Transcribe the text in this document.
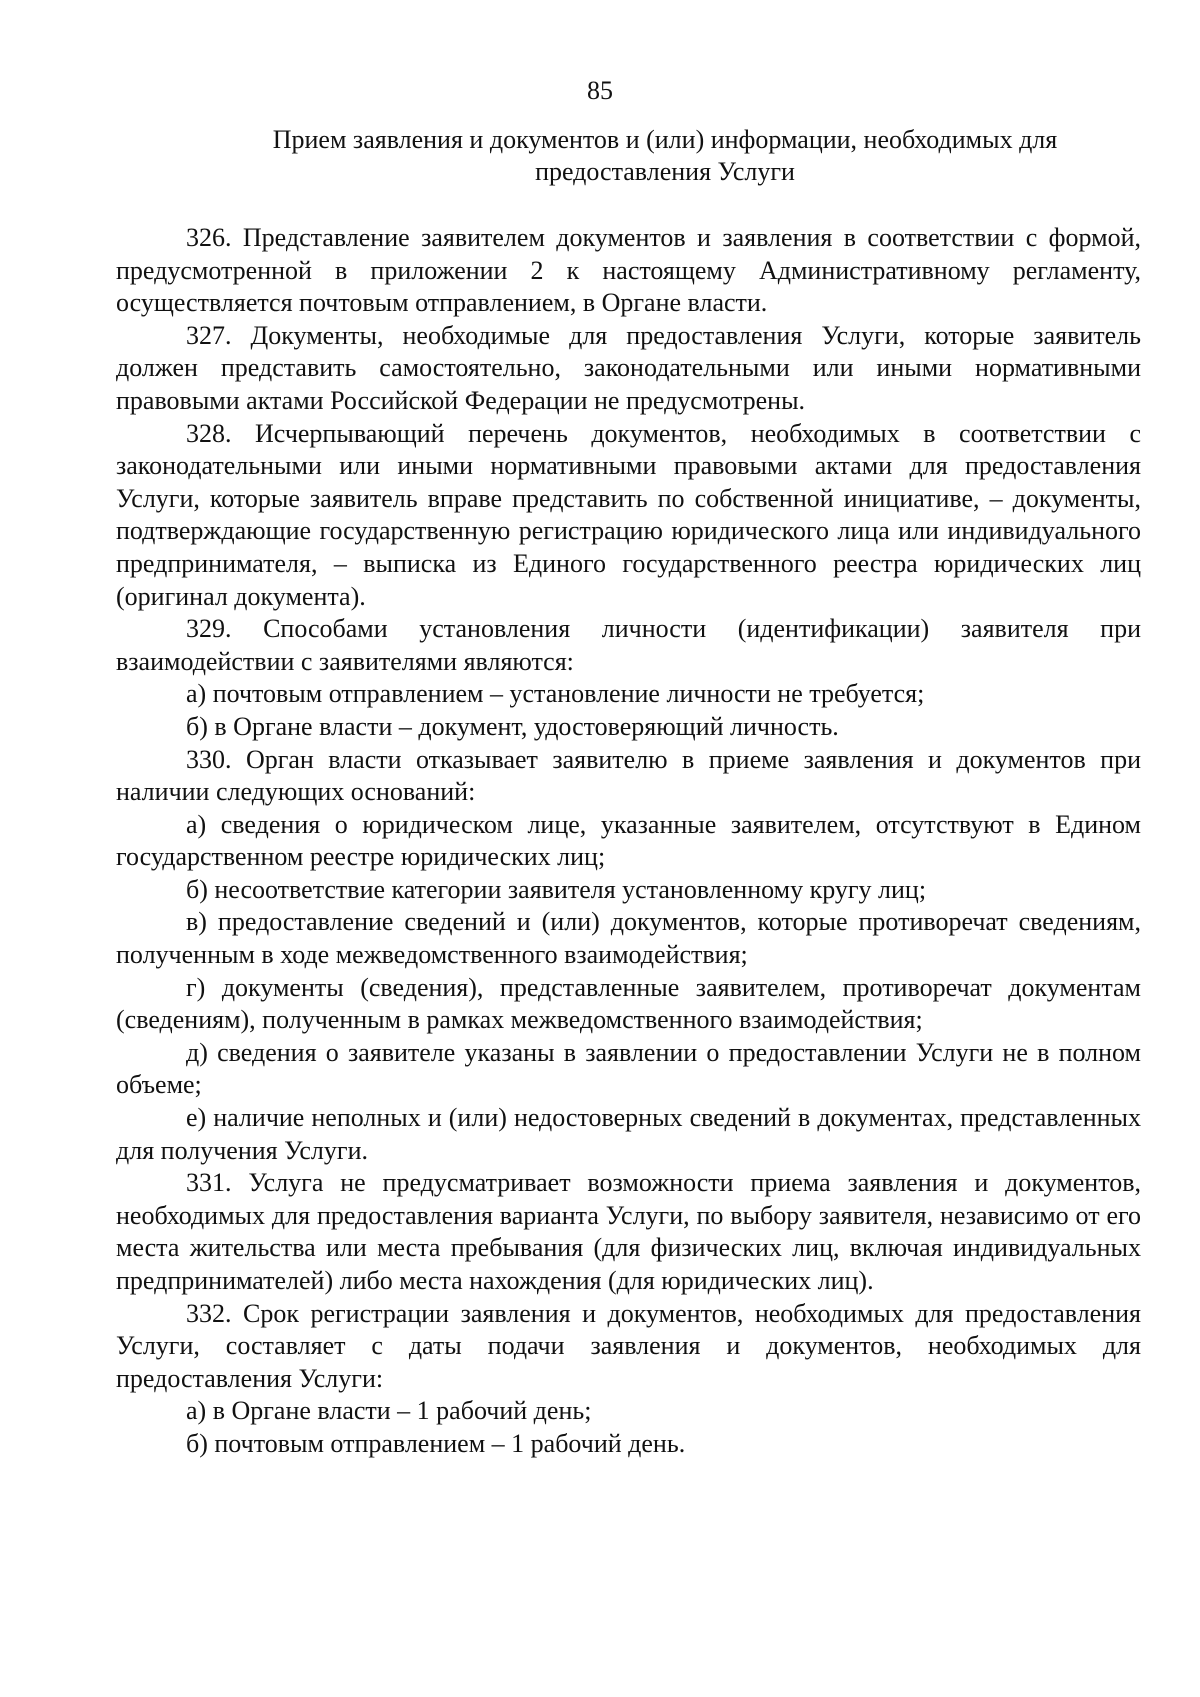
85
Прием заявления и документов и (или) информации, необходимых для предоставления Услуги

326. Представление заявителем документов и заявления в соответствии с формой, предусмотренной в приложении 2 к настоящему Административному регламенту, осуществляется почтовым отправлением, в Органе власти.

327. Документы, необходимые для предоставления Услуги, которые заявитель должен представить самостоятельно, законодательными или иными нормативными правовыми актами Российской Федерации не предусмотрены.

328. Исчерпывающий перечень документов, необходимых в соответствии с законодательными или иными нормативными правовыми актами для предоставления Услуги, которые заявитель вправе представить по собственной инициативе, – документы, подтверждающие государственную регистрацию юридического лица или индивидуального предпринимателя, – выписка из Единого государственного реестра юридических лиц (оригинал документа).

329. Способами установления личности (идентификации) заявителя при взаимодействии с заявителями являются:

а) почтовым отправлением – установление личности не требуется;

б) в Органе власти – документ, удостоверяющий личность.

330. Орган власти отказывает заявителю в приеме заявления и документов при наличии следующих оснований:

а) сведения о юридическом лице, указанные заявителем, отсутствуют в Едином государственном реестре юридических лиц;

б) несоответствие категории заявителя установленному кругу лиц;

в) предоставление сведений и (или) документов, которые противоречат сведениям, полученным в ходе межведомственного взаимодействия;

г) документы (сведения), представленные заявителем, противоречат документам (сведениям), полученным в рамках межведомственного взаимодействия;

д) сведения о заявителе указаны в заявлении о предоставлении Услуги не в полном объеме;

е) наличие неполных и (или) недостоверных сведений в документах, представленных для получения Услуги.

331. Услуга не предусматривает возможности приема заявления и документов, необходимых для предоставления варианта Услуги, по выбору заявителя, независимо от его места жительства или места пребывания (для физических лиц, включая индивидуальных предпринимателей) либо места нахождения (для юридических лиц).

332. Срок регистрации заявления и документов, необходимых для предоставления Услуги, составляет с даты подачи заявления и документов, необходимых для предоставления Услуги:

а) в Органе власти – 1 рабочий день;

б) почтовым отправлением – 1 рабочий день.
